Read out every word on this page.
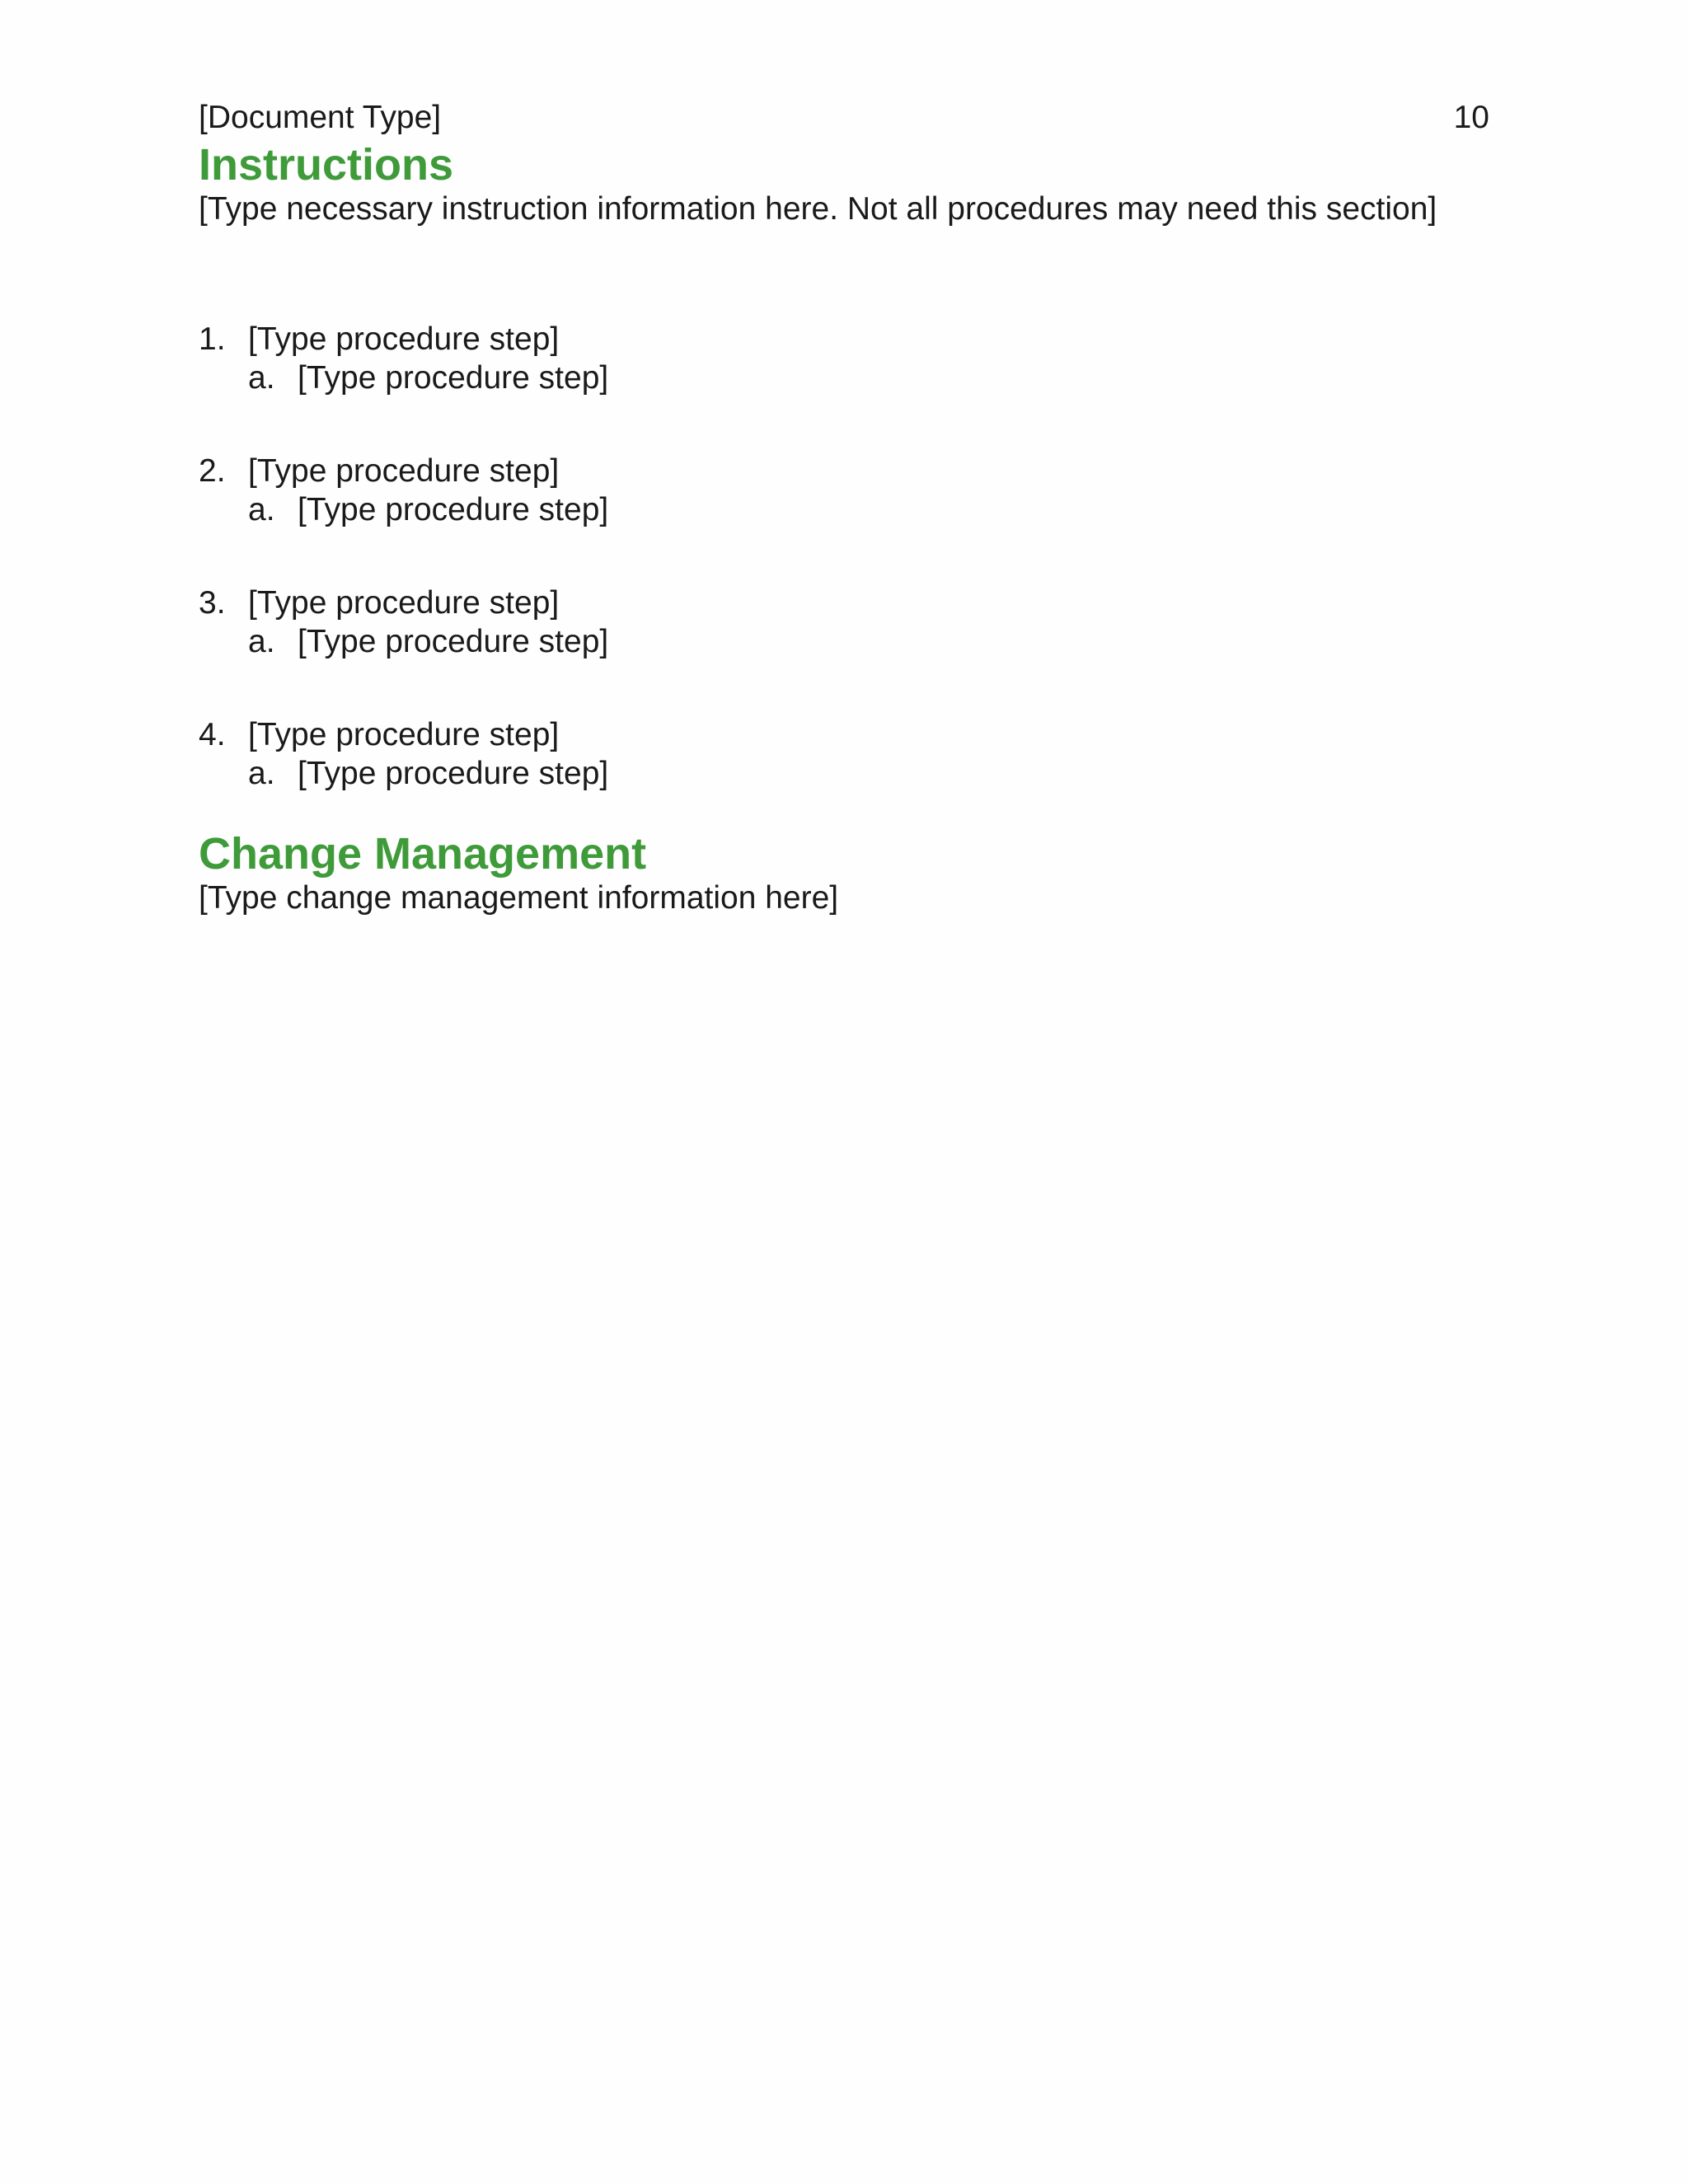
[Document Type]	10
Instructions

[Type necessary instruction information here. Not all procedures may need this section]

1. [Type procedure step]
a. [Type procedure step]
2. [Type procedure step]
a. [Type procedure step]
3. [Type procedure step]
a. [Type procedure step]
4. [Type procedure step]
a. [Type procedure step]
Change Management

[Type change management information here]
